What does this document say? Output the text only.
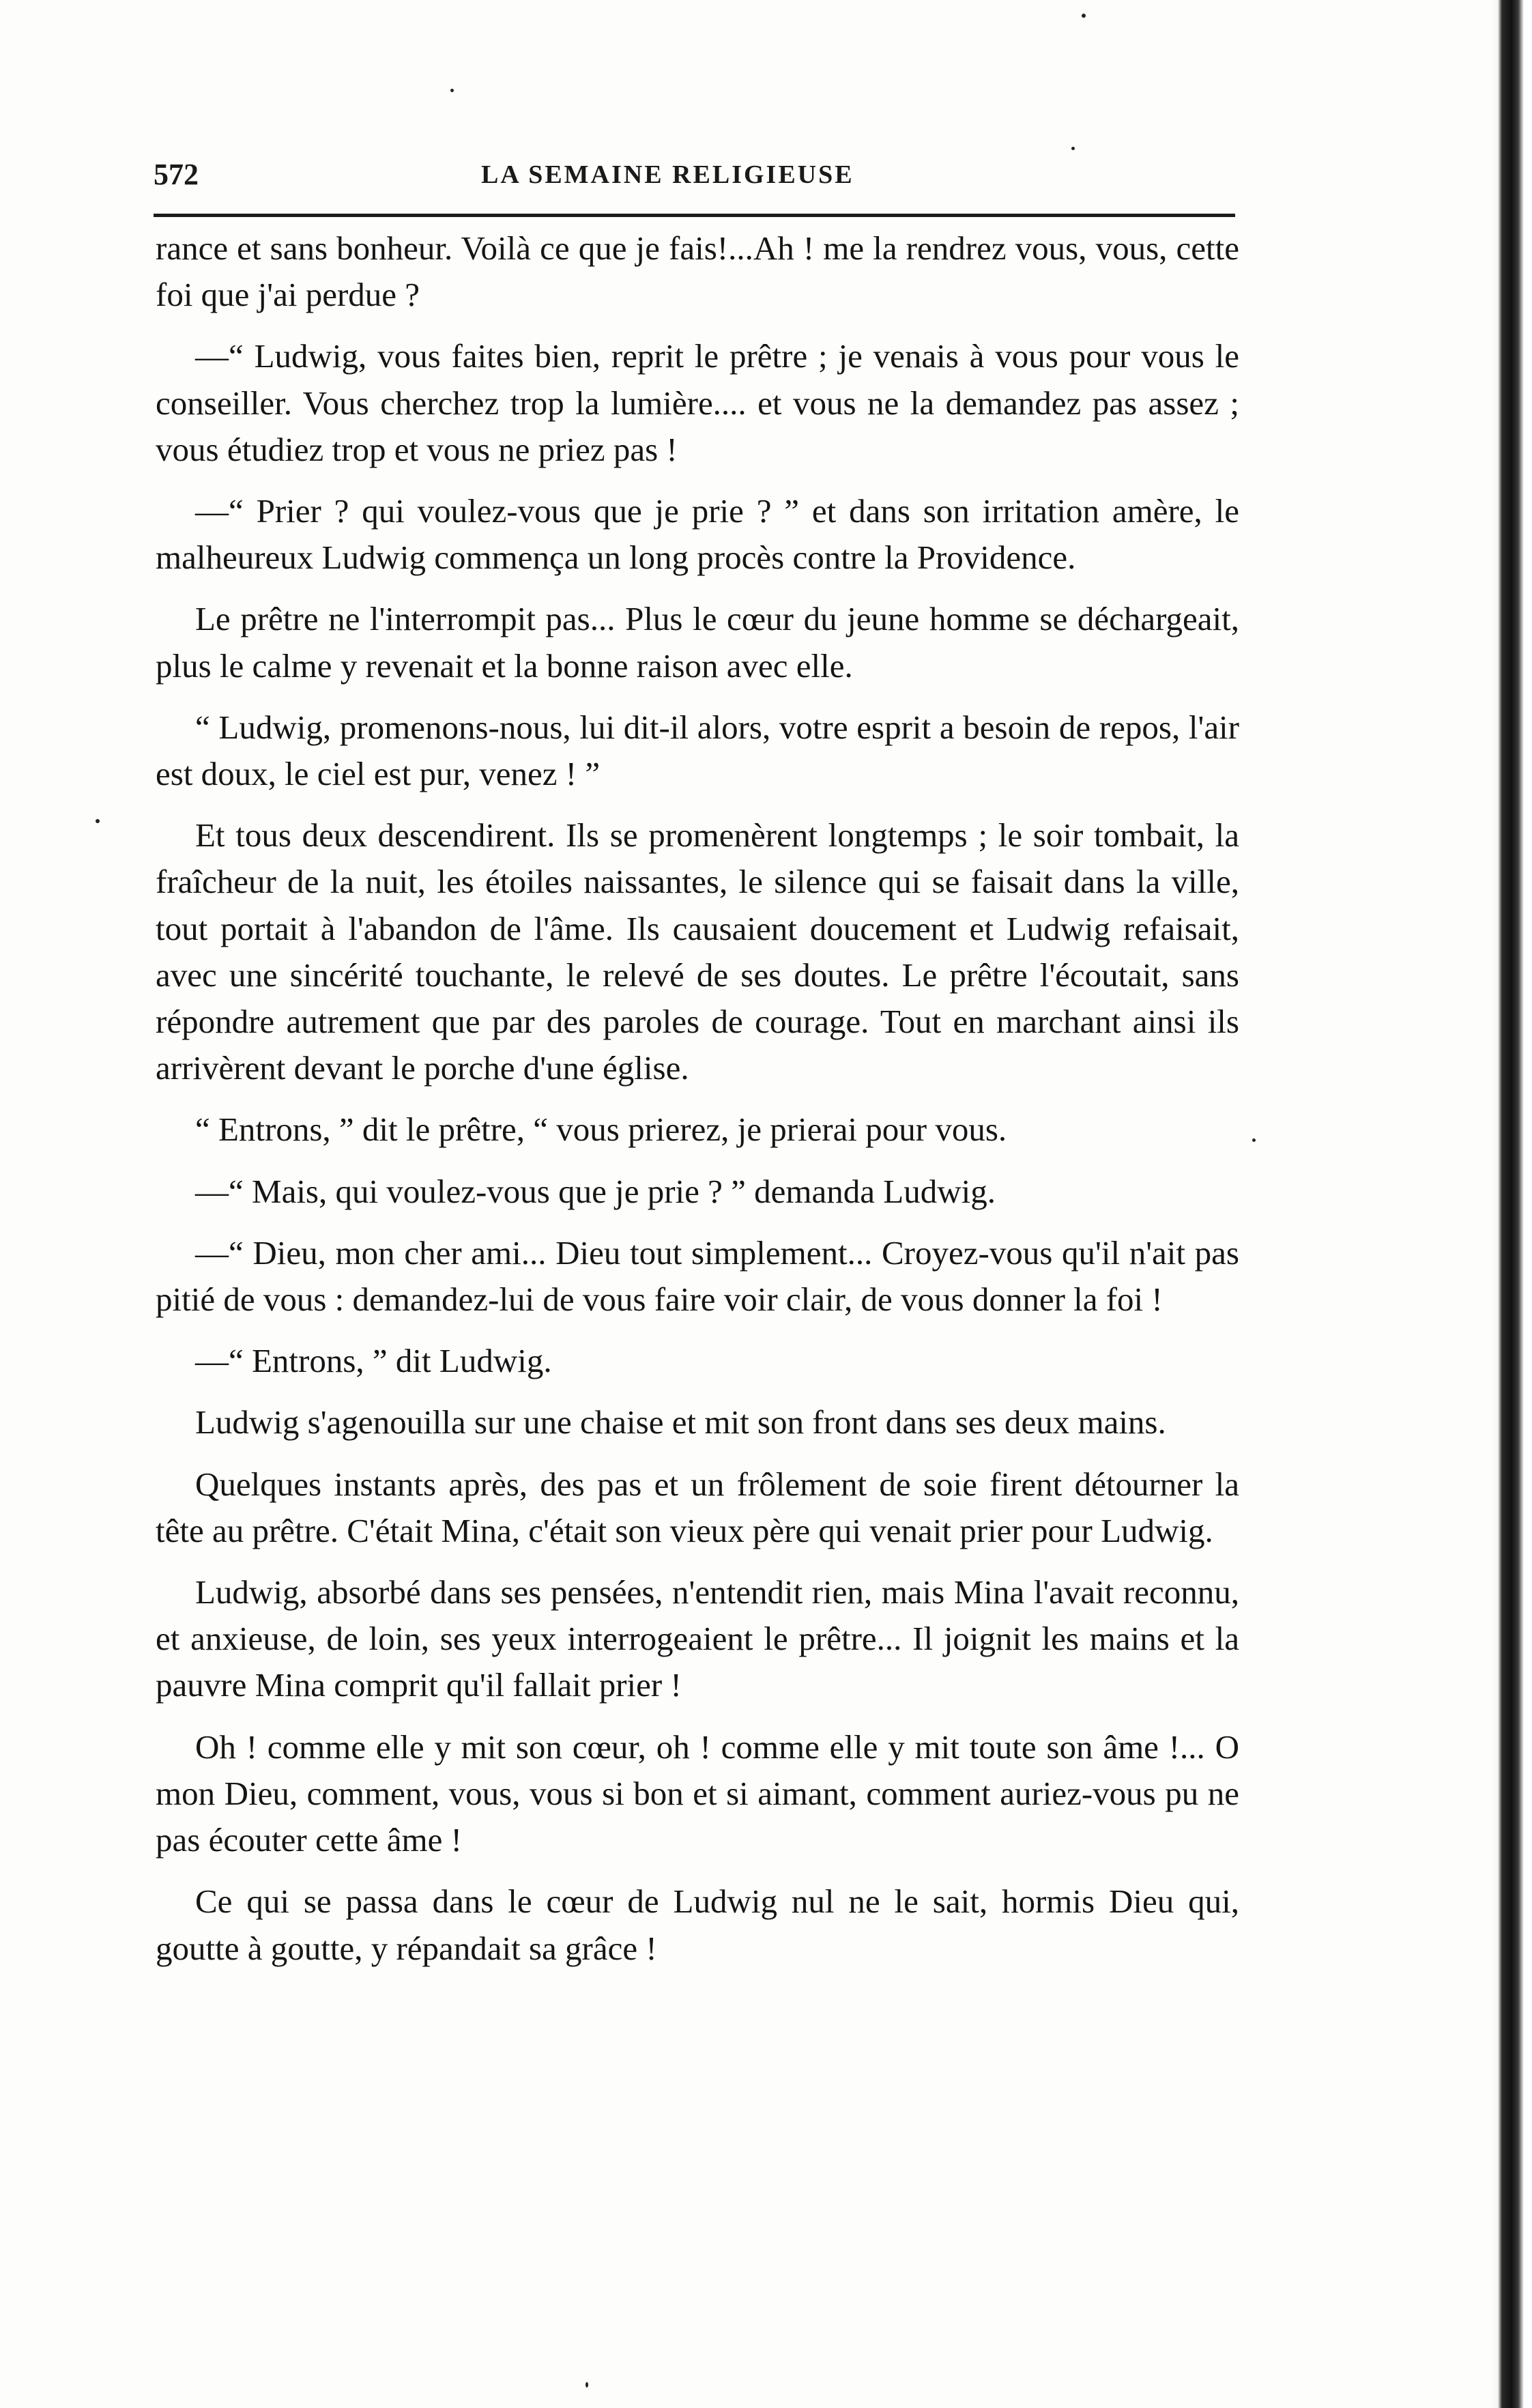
572	LA SEMAINE RELIGIEUSE

rance et sans bonheur. Voilà ce que je fais!...Ah ! me la rendrez vous, vous, cette foi que j'ai perdue ?

—“ Ludwig, vous faites bien, reprit le prêtre ; je venais à vous pour vous le conseiller. Vous cherchez trop la lumière.... et vous ne la demandez pas assez ; vous étudiez trop et vous ne priez pas !

—“ Prier ? qui voulez-vous que je prie ? ” et dans son irritation amère, le malheureux Ludwig commença un long procès contre la Providence.

Le prêtre ne l'interrompit pas... Plus le cœur du jeune homme se déchargeait, plus le calme y revenait et la bonne raison avec elle.

“ Ludwig, promenons-nous, lui dit-il alors, votre esprit a besoin de repos, l'air est doux, le ciel est pur, venez ! ”

Et tous deux descendirent. Ils se promenèrent longtemps ; le soir tombait, la fraîcheur de la nuit, les étoiles naissantes, le silence qui se faisait dans la ville, tout portait à l'abandon de l'âme. Ils causaient doucement et Ludwig refaisait, avec une sincérité touchante, le relevé de ses doutes. Le prêtre l'écoutait, sans répondre autrement que par des paroles de courage. Tout en marchant ainsi ils arrivèrent devant le porche d'une église.

“ Entrons, ” dit le prêtre, “ vous prierez, je prierai pour vous.

—“ Mais, qui voulez-vous que je prie ? ” demanda Ludwig.

—“ Dieu, mon cher ami... Dieu tout simplement... Croyez-vous qu'il n'ait pas pitié de vous : demandez-lui de vous faire voir clair, de vous donner la foi !

—“ Entrons, ” dit Ludwig.

Ludwig s'agenouilla sur une chaise et mit son front dans ses deux mains.

Quelques instants après, des pas et un frôlement de soie firent détourner la tête au prêtre. C'était Mina, c'était son vieux père qui venait prier pour Ludwig.

Ludwig, absorbé dans ses pensées, n'entendit rien, mais Mina l'avait reconnu, et anxieuse, de loin, ses yeux interrogeaient le prêtre... Il joignit les mains et la pauvre Mina comprit qu'il fallait prier !

Oh ! comme elle y mit son cœur, oh ! comme elle y mit toute son âme !... O mon Dieu, comment, vous, vous si bon et si aimant, comment auriez-vous pu ne pas écouter cette âme !

Ce qui se passa dans le cœur de Ludwig nul ne le sait, hormis Dieu qui, goutte à goutte, y répandait sa grâce !
